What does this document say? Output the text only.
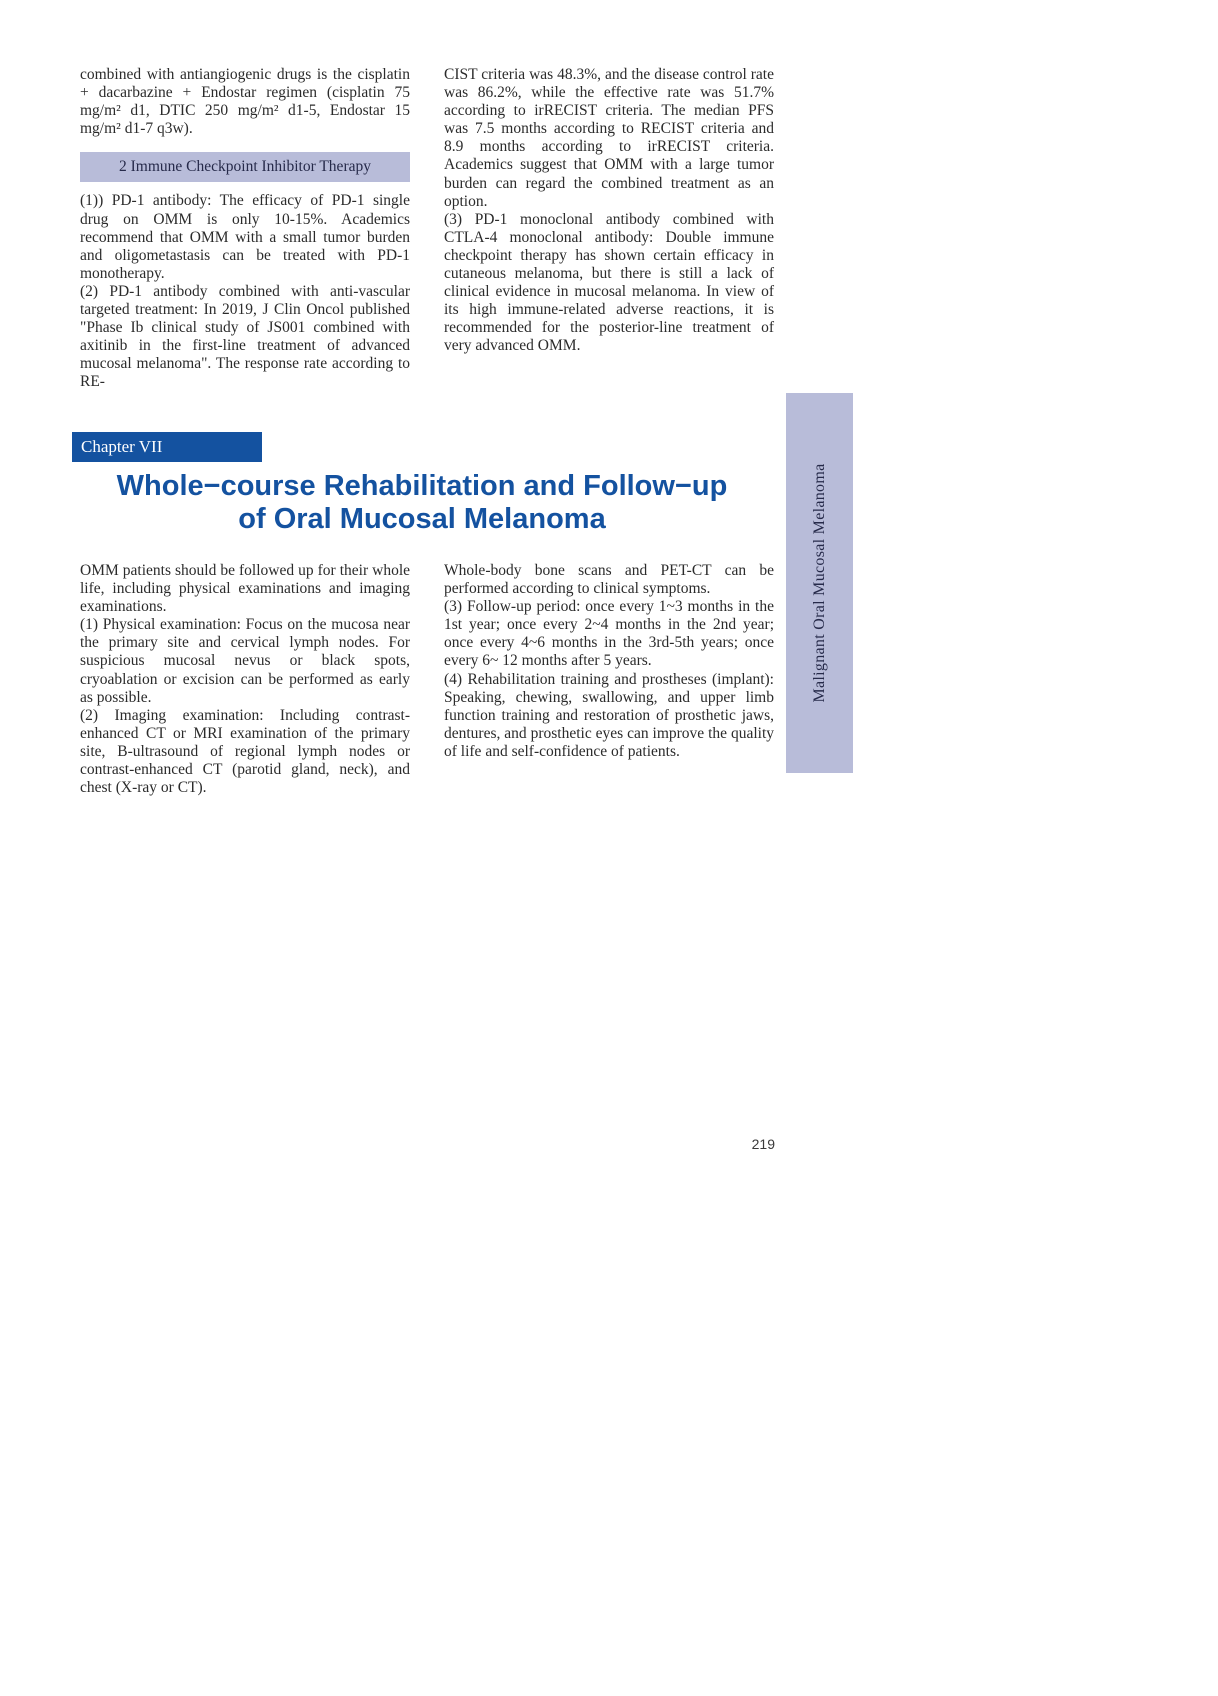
combined with antiangiogenic drugs is the cisplatin + dacarbazine + Endostar regimen (cisplatin 75 mg/m² d1, DTIC 250 mg/m² d1-5, Endostar 15 mg/m² d1-7 q3w).

2 Immune Checkpoint Inhibitor Therapy

(1)) PD-1 antibody: The efficacy of PD-1 single drug on OMM is only 10-15%. Academics recommend that OMM with a small tumor burden and oligometastasis can be treated with PD-1 monotherapy.

(2) PD-1 antibody combined with anti-vascular targeted treatment: In 2019, J Clin Oncol published "Phase Ib clinical study of JS001 combined with axitinib in the first-line treatment of advanced mucosal melanoma". The response rate according to RE-

CIST criteria was 48.3%, and the disease control rate was 86.2%, while the effective rate was 51.7% according to irRECIST criteria. The median PFS was 7.5 months according to RECIST criteria and 8.9 months according to irRECIST criteria. Academics suggest that OMM with a large tumor burden can regard the combined treatment as an option.

(3) PD-1 monoclonal antibody combined with CTLA-4 monoclonal antibody: Double immune checkpoint therapy has shown certain efficacy in cutaneous melanoma, but there is still a lack of clinical evidence in mucosal melanoma. In view of its high immune-related adverse reactions, it is recommended for the posterior-line treatment of very advanced OMM.

Malignant Oral Mucosal Melanoma
Chapter VII
Whole−course Rehabilitation and Follow−up
of Oral Mucosal Melanoma

OMM patients should be followed up for their whole life, including physical examinations and imaging examinations.

(1) Physical examination: Focus on the mucosa near the primary site and cervical lymph nodes. For suspicious mucosal nevus or black spots, cryoablation or excision can be performed as early as possible.

(2) Imaging examination: Including contrast-enhanced CT or MRI examination of the primary site, B-ultrasound of regional lymph nodes or contrast-enhanced CT (parotid gland, neck), and chest (X-ray or CT).

Whole-body bone scans and PET-CT can be performed according to clinical symptoms.

(3) Follow-up period: once every 1~3 months in the 1st year; once every 2~4 months in the 2nd year; once every 4~6 months in the 3rd-5th years; once every 6~ 12 months after 5 years.

(4) Rehabilitation training and prostheses (implant): Speaking, chewing, swallowing, and upper limb function training and restoration of prosthetic jaws, dentures, and prosthetic eyes can improve the quality of life and self-confidence of patients.

219
